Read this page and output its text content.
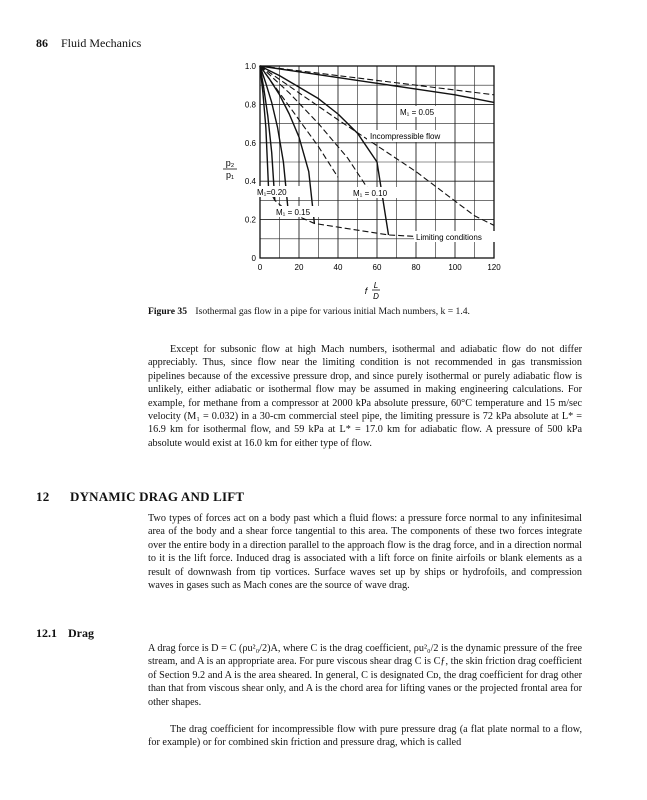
86 Fluid Mechanics
0	20	40	60	80	100	120
0
0.2
0.4
0.6
0.8
1.0
p₂
p₁
f
L
D
M₁ = 0.05
Incompressible flow
M₁ = 0.10
M₁ = 0.15
M₁=0.20
Limiting conditions
Figure 35 Isothermal gas flow in a pipe for various initial Mach numbers, k = 1.4.

Except for subsonic flow at high Mach numbers, isothermal and adiabatic flow do not differ appreciably. Thus, since flow near the limiting condition is not recommended in gas transmission pipelines because of the excessive pressure drop, and since purely isothermal or purely adiabatic flow is unlikely, either adiabatic or isothermal flow may be assumed in making engineering calculations. For example, for methane from a compressor at 2000 kPa absolute pressure, 60°C temperature and 15 m/sec velocity (M₁ = 0.032) in a 30-cm commercial steel pipe, the limiting pressure is 72 kPa absolute at L* = 16.9 km for isothermal flow, and 59 kPa at L* = 17.0 km for adiabatic flow. A pressure of 500 kPa absolute would exist at 16.0 km for either type of flow.

12 DYNAMIC DRAG AND LIFT

Two types of forces act on a body past which a fluid flows: a pressure force normal to any infinitesimal area of the body and a shear force tangential to this area. The components of these two forces integrate over the entire body in a direction parallel to the approach flow is the drag force, and in a direction normal to it is the lift force. Induced drag is associated with a lift force on finite airfoils or blank elements as a result of downwash from tip vortices. Surface waves set up by ships or hydrofoils, and compression waves in gases such as Mach cones are the source of wave drag.

12.1 Drag

A drag force is D = C (ρu²₀/2)A, where C is the drag coefficient, ρu²₀/2 is the dynamic pressure of the free stream, and A is an appropriate area. For pure viscous shear drag C is Cƒ, the skin friction drag coefficient of Section 9.2 and A is the area sheared. In general, C is designated Cᴅ, the drag coefficient for drag other than that from viscous shear only, and A is the chord area for lifting vanes or the projected frontal area for other shapes.

The drag coefficient for incompressible flow with pure pressure drag (a flat plate normal to a flow, for example) or for combined skin friction and pressure drag, which is called
